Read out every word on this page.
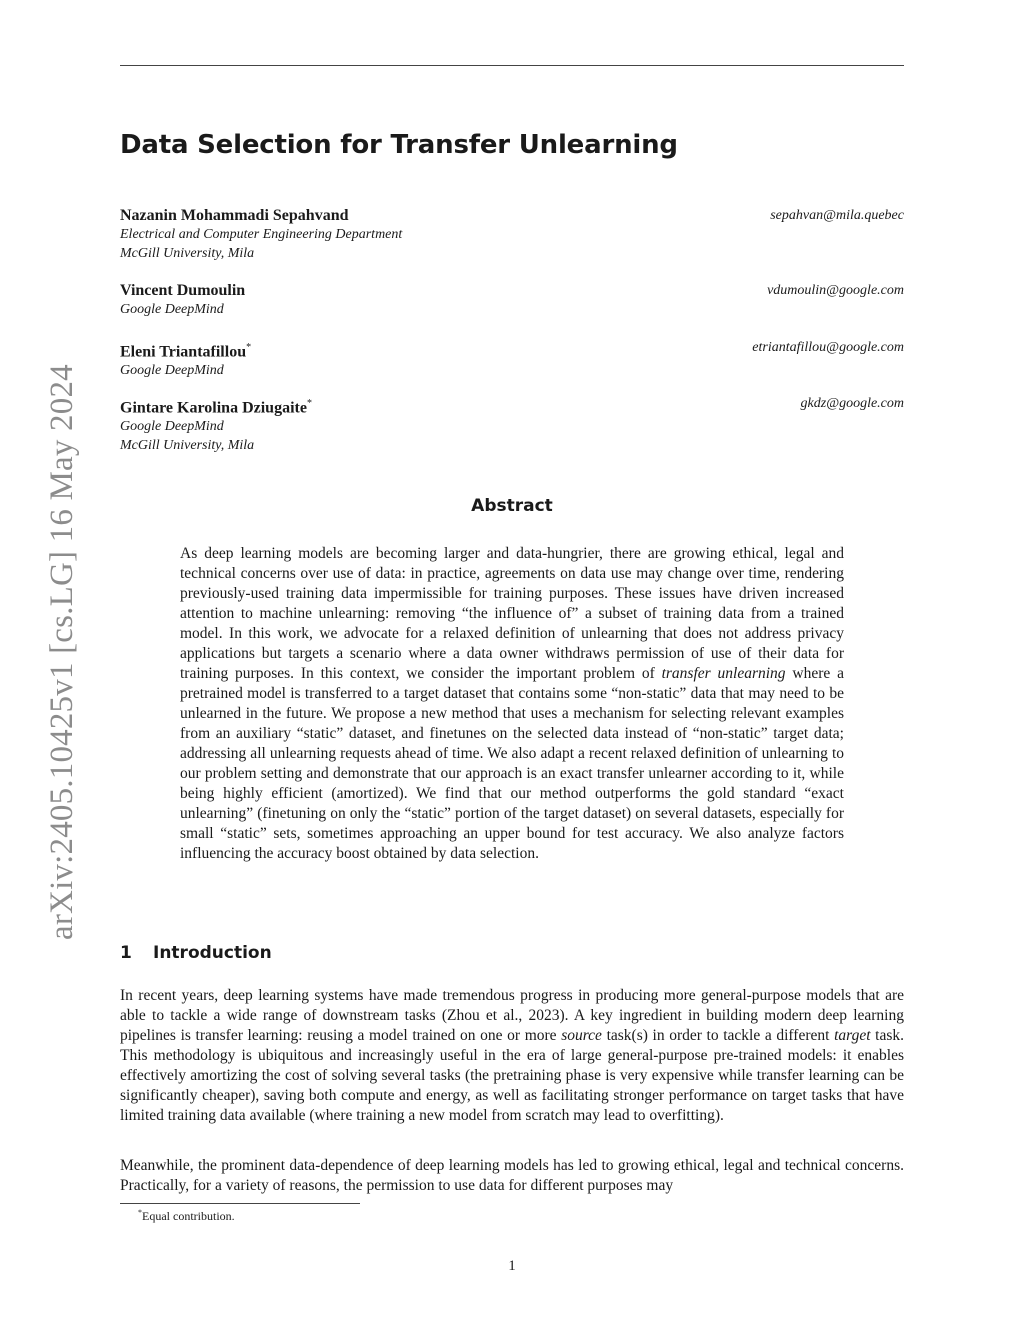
arXiv:2405.10425v1 [cs.LG] 16 May 2024
Data Selection for Transfer Unlearning
Nazanin Mohammadi Sepahvand
Electrical and Computer Engineering Department
McGill University, Mila
sepahvan@mila.quebec
Vincent Dumoulin
Google DeepMind
vdumoulin@google.com
Eleni Triantafillou*
Google DeepMind
etriantafillou@google.com
Gintare Karolina Dziugaite*
Google DeepMind
McGill University, Mila
gkdz@google.com
Abstract

As deep learning models are becoming larger and data-hungrier, there are growing ethical, legal and technical concerns over use of data: in practice, agreements on data use may change over time, rendering previously-used training data impermissible for training purposes. These issues have driven increased attention to machine unlearning: removing “the influence of” a subset of training data from a trained model. In this work, we advocate for a relaxed definition of unlearning that does not address privacy applications but targets a scenario where a data owner withdraws permission of use of their data for training purposes. In this context, we consider the important problem of transfer unlearning where a pretrained model is transferred to a target dataset that contains some “non-static” data that may need to be unlearned in the future. We propose a new method that uses a mechanism for selecting relevant examples from an auxiliary “static” dataset, and finetunes on the selected data instead of “non-static” target data; addressing all unlearning requests ahead of time. We also adapt a recent relaxed definition of unlearning to our problem setting and demonstrate that our approach is an exact transfer unlearner according to it, while being highly efficient (amortized). We find that our method outperforms the gold standard “exact unlearning” (finetuning on only the “static” portion of the target dataset) on several datasets, especially for small “static” sets, sometimes approaching an upper bound for test accuracy. We also analyze factors influencing the accuracy boost obtained by data selection.

1 Introduction

In recent years, deep learning systems have made tremendous progress in producing more general-purpose models that are able to tackle a wide range of downstream tasks (Zhou et al., 2023). A key ingredient in building modern deep learning pipelines is transfer learning: reusing a model trained on one or more source task(s) in order to tackle a different target task. This methodology is ubiquitous and increasingly useful in the era of large general-purpose pre-trained models: it enables effectively amortizing the cost of solving several tasks (the pretraining phase is very expensive while transfer learning can be significantly cheaper), saving both compute and energy, as well as facilitating stronger performance on target tasks that have limited training data available (where training a new model from scratch may lead to overfitting).

Meanwhile, the prominent data-dependence of deep learning models has led to growing ethical, legal and technical concerns. Practically, for a variety of reasons, the permission to use data for different purposes may

*Equal contribution.
1
